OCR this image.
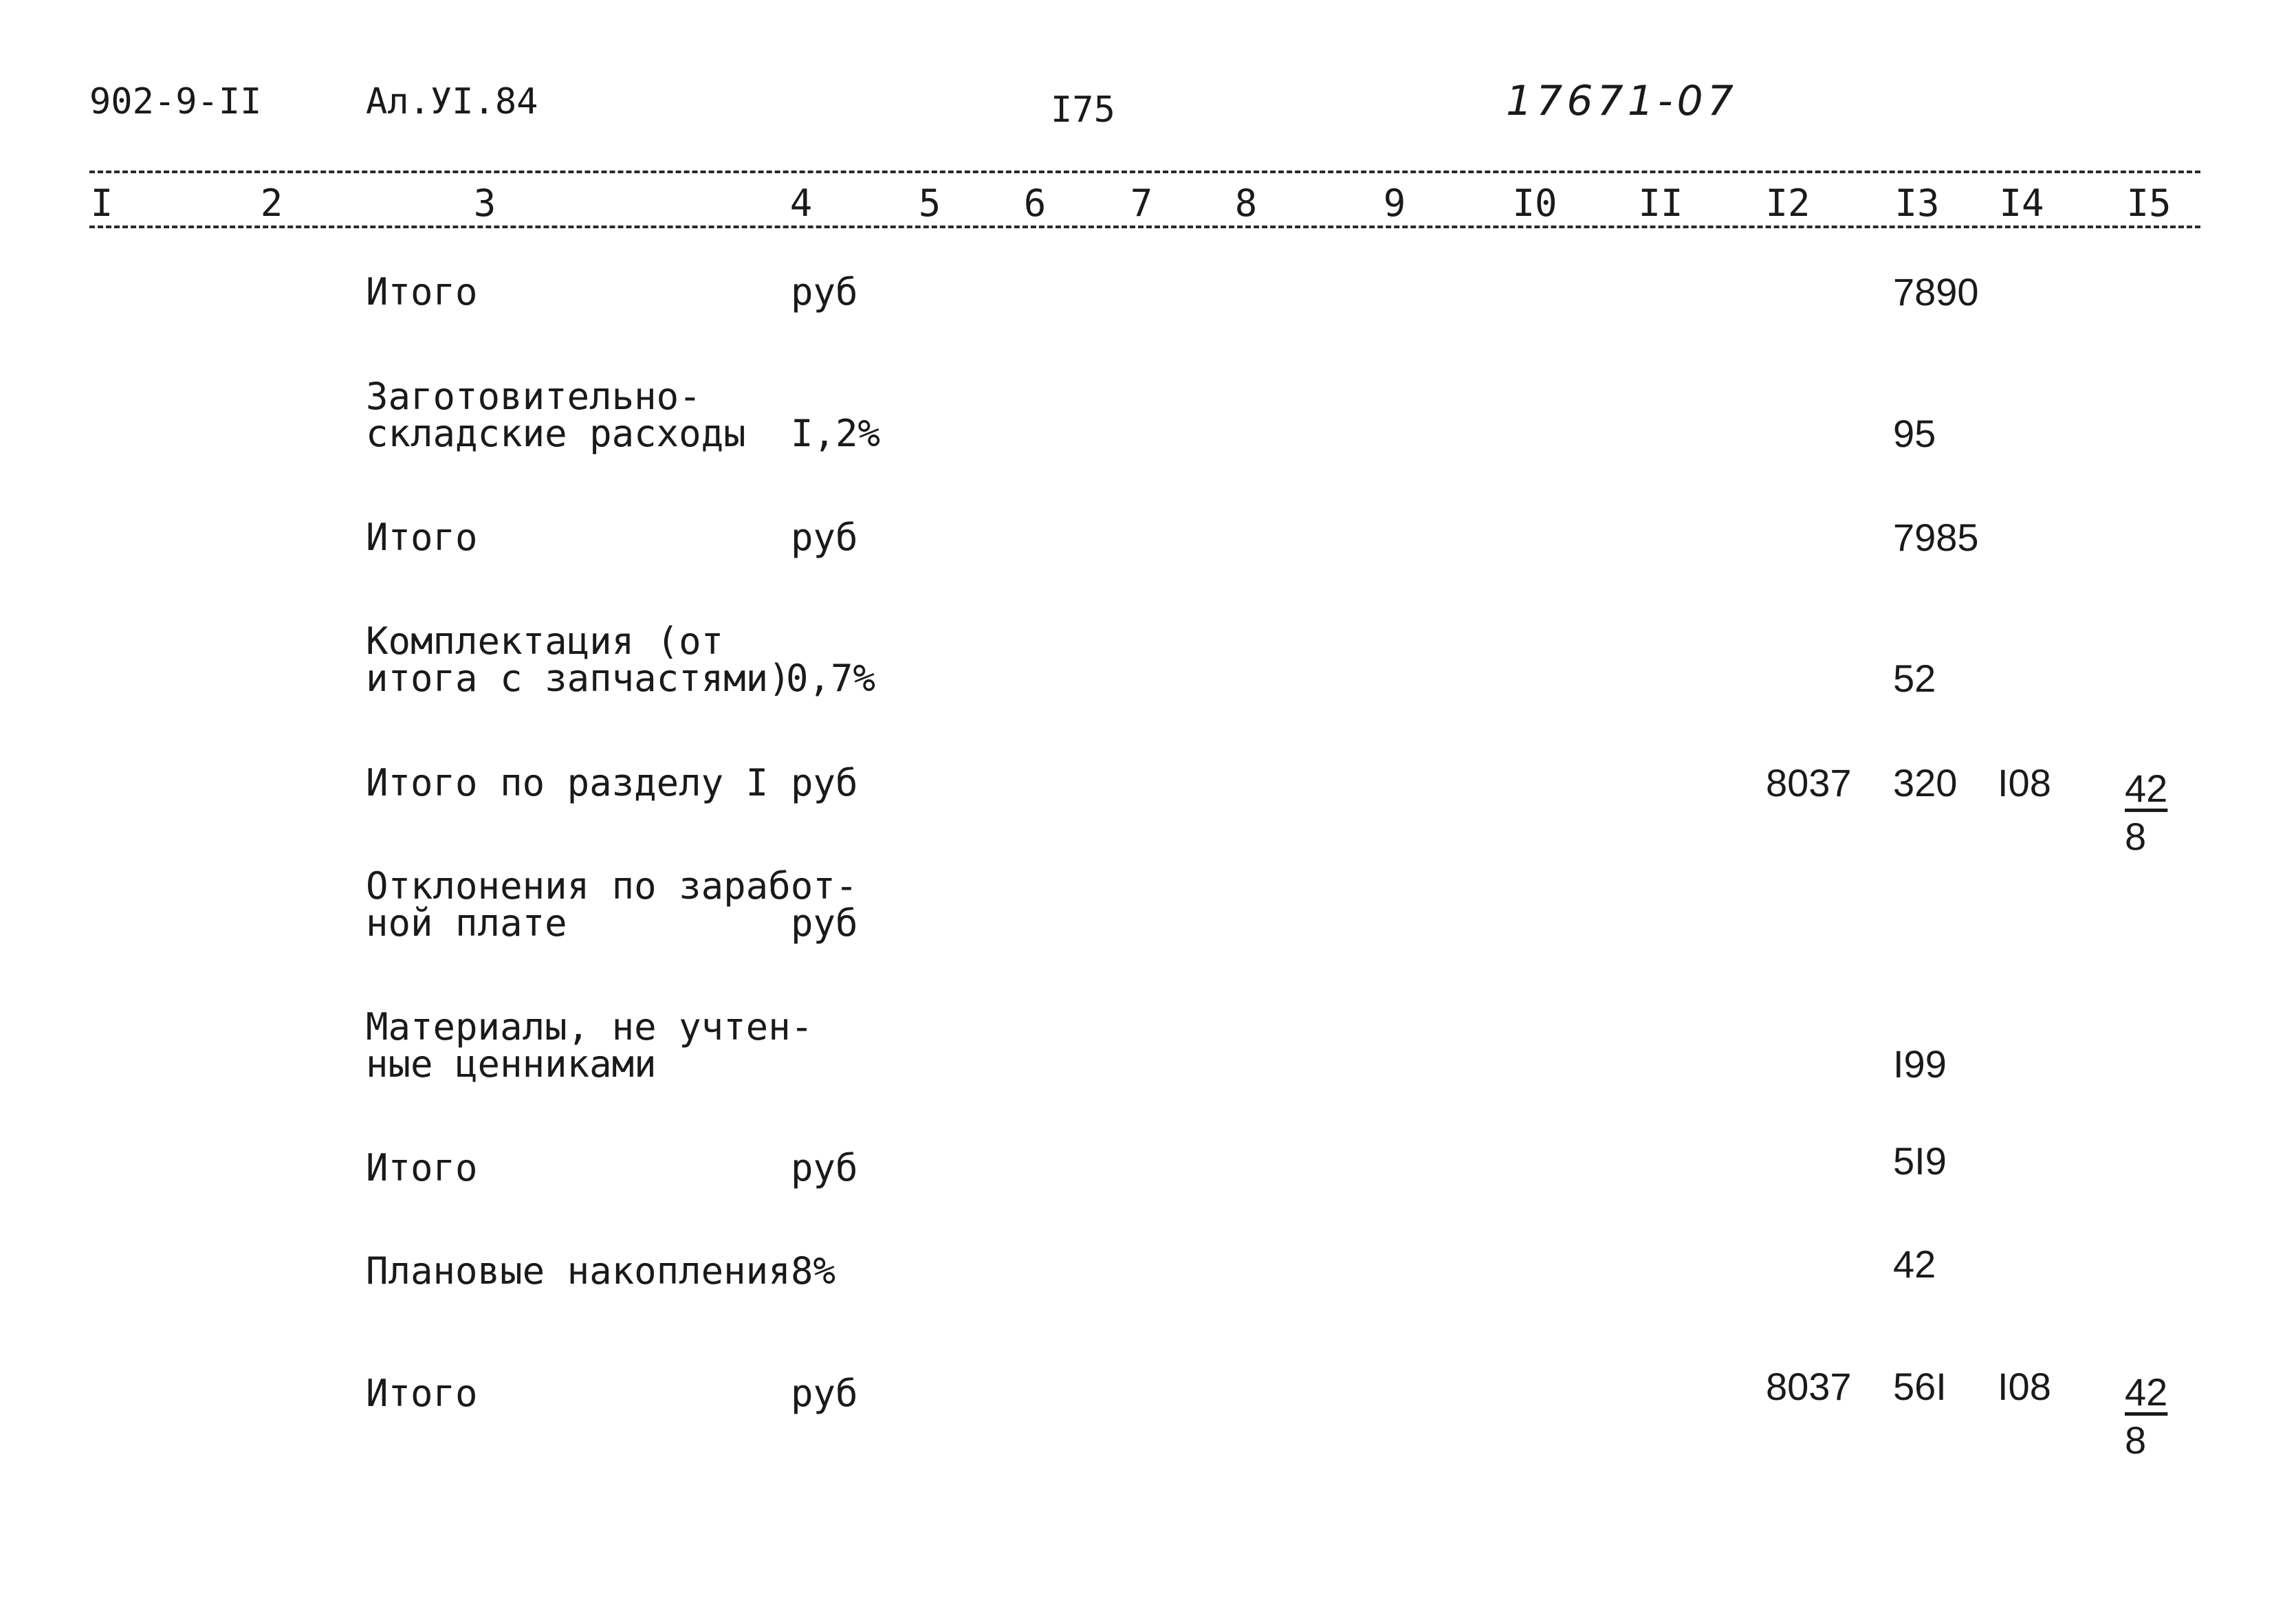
902-9-II	Ал.УI.84	I75	17671-07
I	2	3	4	5 6 7 8	9	I0 II I2 I3 I4 I5
Итого	руб	7890
Заготовительно-
складские расходы I,2%	95
Итого	руб	7985
Комплектация (от
итога с запчастями)
0,7%	52
Итого по разделу I руб	8037 320 $I08 \frac{42}{8}$
Отклонения по заработ-
ной плате	руб
Материалы, не учтен-
ные ценниками	I99
Итого	руб	5I9
Плановые накопления 8%	42
Итого	руб	8037 56I $I08 \frac{42}{8}$
